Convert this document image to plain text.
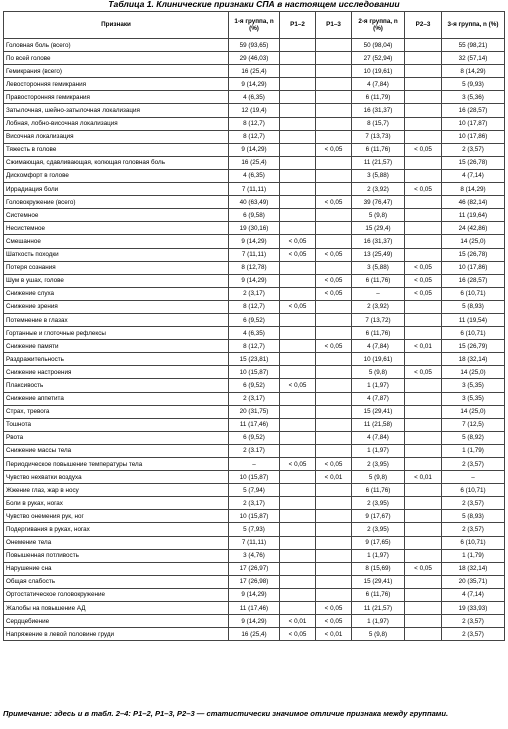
Таблица 1. Клинические признаки СПА в настоящем исследовании
Признаки	1-я группа, n (%)	P1–2	P1–3	2-я группа, n (%)	P2–3	3-я группа, n (%)
Головная боль (всего)	59 (93,65)			50 (98,04)		55 (98,21)
По всей голове	29 (46,03)			27 (52,94)		32 (57,14)
Гемикрания (всего)	16 (25,4)			10 (19,61)		8 (14,29)
Левосторонняя гемикрания	9 (14,29)			4 (7,84)		5 (9,93)
Правосторонняя гемикрания	4 (6,35)			6 (11,79)		3 (5,36)
Затылочная, шейно-затылочная локализация	12 (19,4)			16 (31,37)		16 (28,57)
Лобная, лобно-височная локализация	8 (12,7)			8 (15,7)		10 (17,87)
Височная локализация	8 (12,7)			7 (13,73)		10 (17,86)
Тяжесть в голове	9 (14,29)		< 0,05	6 (11,76)	< 0,05	2 (3,57)
Сжимающая, сдавливающая, колющая головная боль	16 (25,4)			11 (21,57)		15 (26,78)
Дискомфорт в голове	4 (6,35)			3 (5,88)		4 (7,14)
Иррадиация боли	7 (11,11)			2 (3,92)	< 0,05	8 (14,29)
Головокружение (всего)	40 (63,49)		< 0,05	39 (76,47)		46 (82,14)
Системное	6 (9,58)			5 (9,8)		11 (19,64)
Несистемное	19 (30,16)			15 (29,4)		24 (42,86)
Смешанное	9 (14,29)	< 0,05		16 (31,37)		14 (25,0)
Шаткость походки	7 (11,11)	< 0,05	< 0,05	13 (25,49)		15 (26,78)
Потеря сознания	8 (12,78)			3 (5,88)	< 0,05	10 (17,86)
Шум в ушах, голове	9 (14,29)		< 0,05	6 (11,76)	< 0,05	16 (28,57)
Снижение слуха	2 (3,17)		< 0,05	–	< 0,05	6 (10,71)
Снижение зрения	8 (12,7)	< 0,05		2 (3,92)		5 (8,93)
Потемнение в глазах	6 (9,52)			7 (13,72)		11 (19,54)
Гортанные и глоточные рефлексы	4 (6,35)			6 (11,76)		6 (10,71)
Снижение памяти	8 (12,7)		< 0,05	4 (7,84)	< 0,01	15 (26,79)
Раздражительность	15 (23,81)			10 (19,61)		18 (32,14)
Снижение настроения	10 (15,87)			5 (9,8)	< 0,05	14 (25,0)
Плаксивость	6 (9,52)	< 0,05		1 (1,97)		3 (5,35)
Снижение аппетита	2 (3,17)			4 (7,87)		3 (5,35)
Страх, тревога	20 (31,75)			15 (29,41)		14 (25,0)
Тошнота	11 (17,46)			11 (21,58)		7 (12,5)
Рвота	6 (9,52)			4 (7,84)		5 (8,92)
Снижение массы тела	2 (3.17)			1 (1,97)		1 (1,79)
Периодическое повышение температуры тела	–	< 0,05	< 0,05	2 (3,95)		2 (3,57)
Чувство нехватки воздуха	10 (15,87)		< 0,01	5 (9,8)	< 0,01	–
Жжение глаз, жар в носу	5 (7,94)			6 (11,76)		6 (10,71)
Боли в руках, ногах	2 (3,17)			2 (3,95)		2 (3,57)
Чувство онемения рук, ног	10 (15,87)			9 (17,67)		5 (8,93)
Подергивания в руках, ногах	5 (7,93)			2 (3,95)		2 (3,57)
Онемение тела	7 (11,11)			9 (17,65)		6 (10,71)
Повышенная потливость	3 (4,76)			1 (1,97)		1 (1,79)
Нарушение сна	17 (26,97)			8 (15,69)	< 0,05	18 (32,14)
Общая слабость	17 (26,98)			15 (29,41)		20 (35,71)
Ортостатическое головокружение	9 (14,29)			6 (11,76)		4 (7,14)
Жалобы на повышение АД	11 (17,46)		< 0,05	11 (21,57)		19 (33,93)
Сердцебиение	9 (14,29)	< 0,01	< 0,05	1 (1,97)		2 (3,57)
Напряжение в левой половине груди	16 (25,4)	< 0,05	< 0,01	5 (9,8)		2 (3,57)
Примечание: здесь и в табл. 2–4: P1–2, P1–3, P2–3 — статистически значимое отличие признака между группами.
